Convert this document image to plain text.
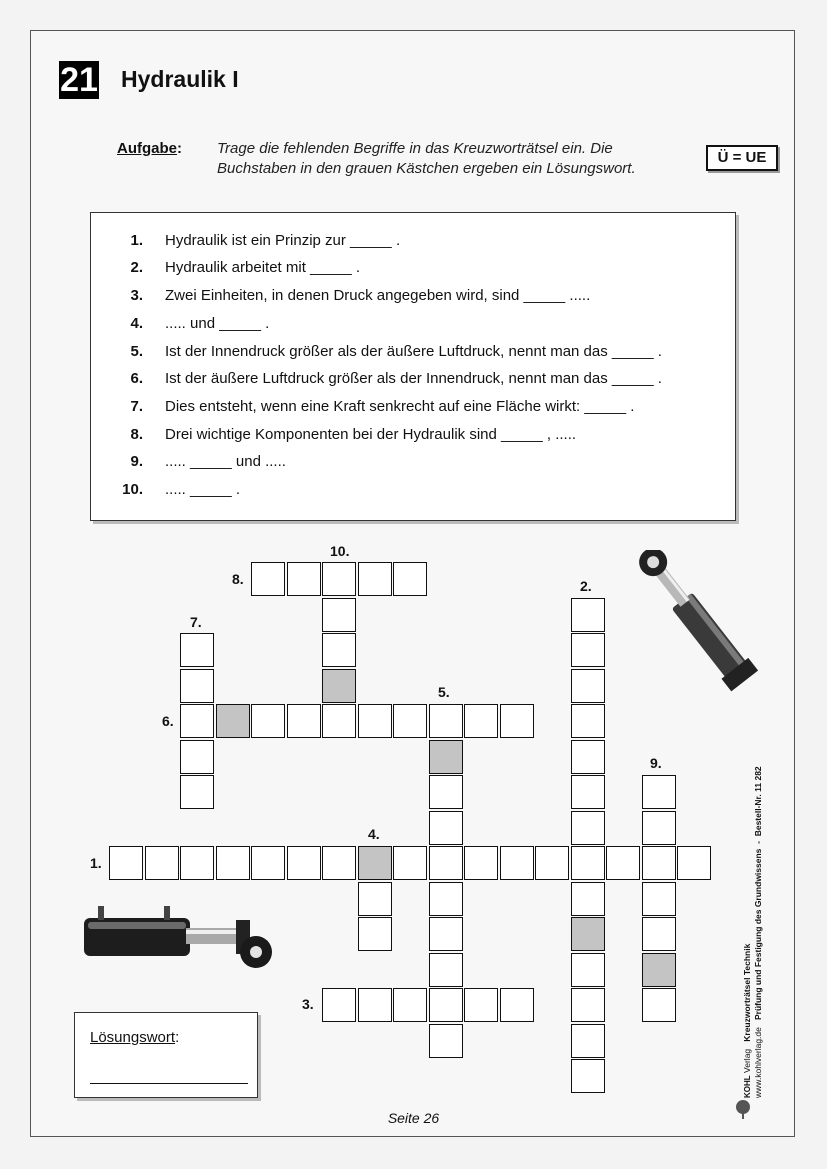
21 Hydraulik I
Aufgabe: Trage die fehlenden Begriffe in das Kreuzworträtsel ein. Die Buchstaben in den grauen Kästchen ergeben ein Lösungswort.
Ü = UE
1. Hydraulik ist ein Prinzip zur _____ .
2. Hydraulik arbeitet mit _____ .
3. Zwei Einheiten, in denen Druck angegeben wird, sind _____ .....
4. ..... und _____ .
5. Ist der Innendruck größer als der äußere Luftdruck, nennt man das _____ .
6. Ist der äußere Luftdruck größer als der Innendruck, nennt man das _____ .
7. Dies entsteht, wenn eine Kraft senkrecht auf eine Fläche wirkt: _____ .
8. Drei wichtige Komponenten bei der Hydraulik sind _____ , .....
9. ..... _____ und .....
10. ..... _____ .
1.
2.
3.
4.
5.
6.
7.
8.
9.
10.
Lösungswort:
Seite 26
KOHL Verlag   Kreuzworträtsel Technik
www.kohlverlag.de   Prüfung und Festigung des Grundwissens  -  Bestell-Nr. 11 282
